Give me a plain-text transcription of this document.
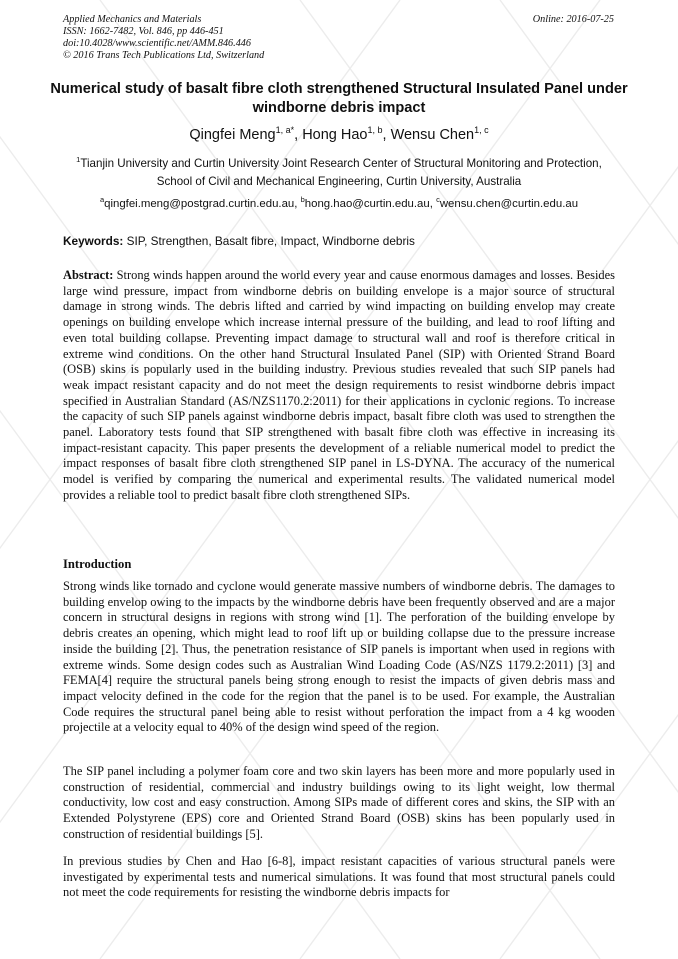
Applied Mechanics and Materials
ISSN: 1662-7482, Vol. 846, pp 446-451
doi:10.4028/www.scientific.net/AMM.846.446
© 2016 Trans Tech Publications Ltd, Switzerland
Online: 2016-07-25
Numerical study of basalt fibre cloth strengthened Structural Insulated Panel under windborne debris impact
Qingfei Meng$^{1, a*}$, Hong Hao$^{1, b}$, Wensu Chen$^{1, c}$
$^1$Tianjin University and Curtin University Joint Research Center of Structural Monitoring and Protection, School of Civil and Mechanical Engineering, Curtin University, Australia
$^a$qingfei.meng@postgrad.curtin.edu.au, $^b$hong.hao@curtin.edu.au, $^c$wensu.chen@curtin.edu.au
Keywords: SIP, Strengthen, Basalt fibre, Impact, Windborne debris
Abstract: Strong winds happen around the world every year and cause enormous damages and losses. Besides large wind pressure, impact from windborne debris on building envelope is a major source of structural damage in strong winds. The debris lifted and carried by wind impacting on building envelop may create openings on building envelope which increase internal pressure of the building, and lead to roof lifting and even total building collapse. Preventing impact damage to structural wall and roof is therefore critical in extreme wind conditions. On the other hand Structural Insulated Panel (SIP) with Oriented Strand Board (OSB) skins is popularly used in the building industry. Previous studies revealed that such SIP panels had weak impact resistant capacity and do not meet the design requirements to resist windborne debris impact specified in Australian Standard (AS/NZS1170.2:2011) for their applications in cyclonic regions. To increase the capacity of such SIP panels against windborne debris impact, basalt fibre cloth was used to strengthen the panel. Laboratory tests found that SIP strengthened with basalt fibre cloth was effective in increasing its impact-resistant capacity. This paper presents the development of a reliable numerical model to predict the impact responses of basalt fibre cloth strengthened SIP panel in LS-DYNA. The accuracy of the numerical model is verified by comparing the numerical and experimental results. The validated numerical model provides a reliable tool to predict basalt fibre cloth strengthened SIPs.
Introduction
Strong winds like tornado and cyclone would generate massive numbers of windborne debris. The damages to building envelop owing to the impacts by the windborne debris have been frequently observed and are a major concern in structural designs in regions with strong wind [1]. The perforation of the building envelope by debris creates an opening, which might lead to roof lift up or building collapse due to the pressure increase inside the building [2]. Thus, the penetration resistance of SIP panels is important when used in regions with extreme winds. Some design codes such as Australian Wind Loading Code (AS/NZS 1179.2:2011) [3] and FEMA[4] require the structural panels being strong enough to resist the impacts of given debris mass and impact velocity defined in the code for the region that the panel is to be used. For example, the Australian Code requires the structural panel being able to resist without perforation the impact from a 4 kg wooden projectile at a velocity equal to 40% of the design wind speed of the region.
The SIP panel including a polymer foam core and two skin layers has been more and more popularly used in construction of residential, commercial and industry buildings owing to its light weight, low thermal conductivity, low cost and easy construction. Among SIPs made of different cores and skins, the SIP with an Extended Polystyrene (EPS) core and Oriented Strand Board (OSB) skins has been popularly used in construction of residential buildings [5].
In previous studies by Chen and Hao [6-8], impact resistant capacities of various structural panels were investigated by experimental tests and numerical simulations. It was found that most structural panels could not meet the code requirements for resisting the windborne debris impacts for
